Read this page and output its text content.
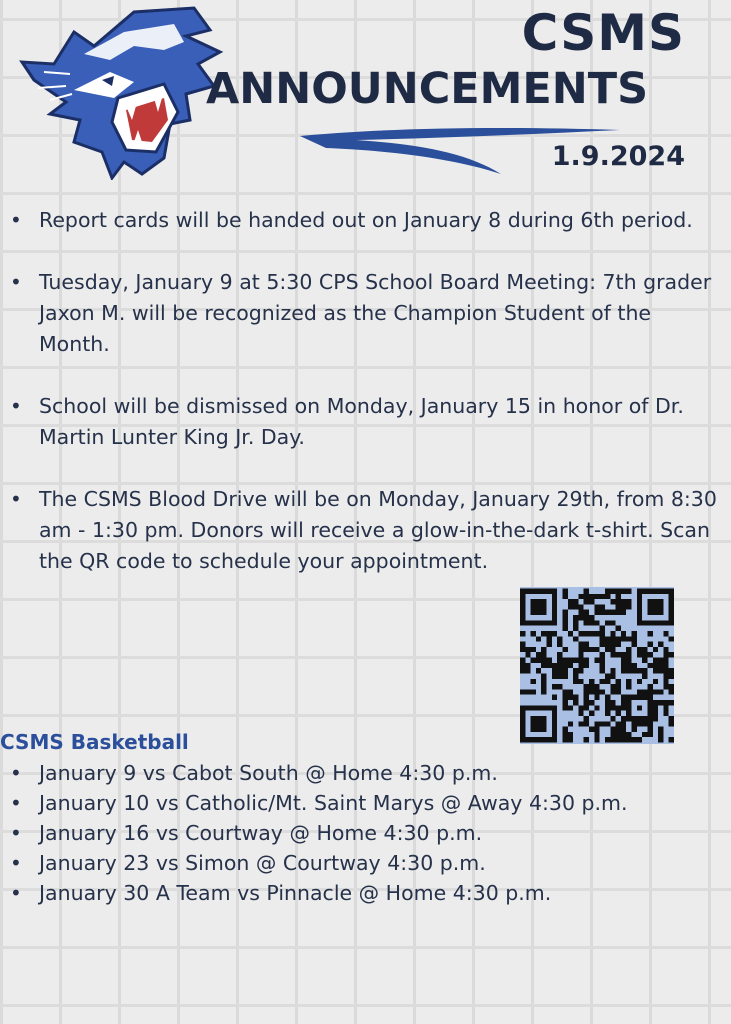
CSMS
ANNOUNCEMENTS
1.9.2024
• Report cards will be handed out on January 8 during 6th period.
• Tuesday, January 9 at 5:30 CPS School Board Meeting: 7th grader Jaxon M. will be recognized as the Champion Student of the Month.
• School will be dismissed on Monday, January 15 in honor of Dr. Martin Lunter King Jr. Day.
• The CSMS Blood Drive will be on Monday, January 29th, from 8:30 am - 1:30 pm. Donors will receive a glow-in-the-dark t-shirt. Scan the QR code to schedule your appointment.
CSMS Basketball
• January 9 vs Cabot South @ Home 4:30 p.m.
• January 10 vs Catholic/Mt. Saint Marys @ Away 4:30 p.m.
• January 16 vs Courtway @ Home 4:30 p.m.
• January 23 vs Simon @ Courtway 4:30 p.m.
• January 30 A Team vs Pinnacle @ Home 4:30 p.m.
